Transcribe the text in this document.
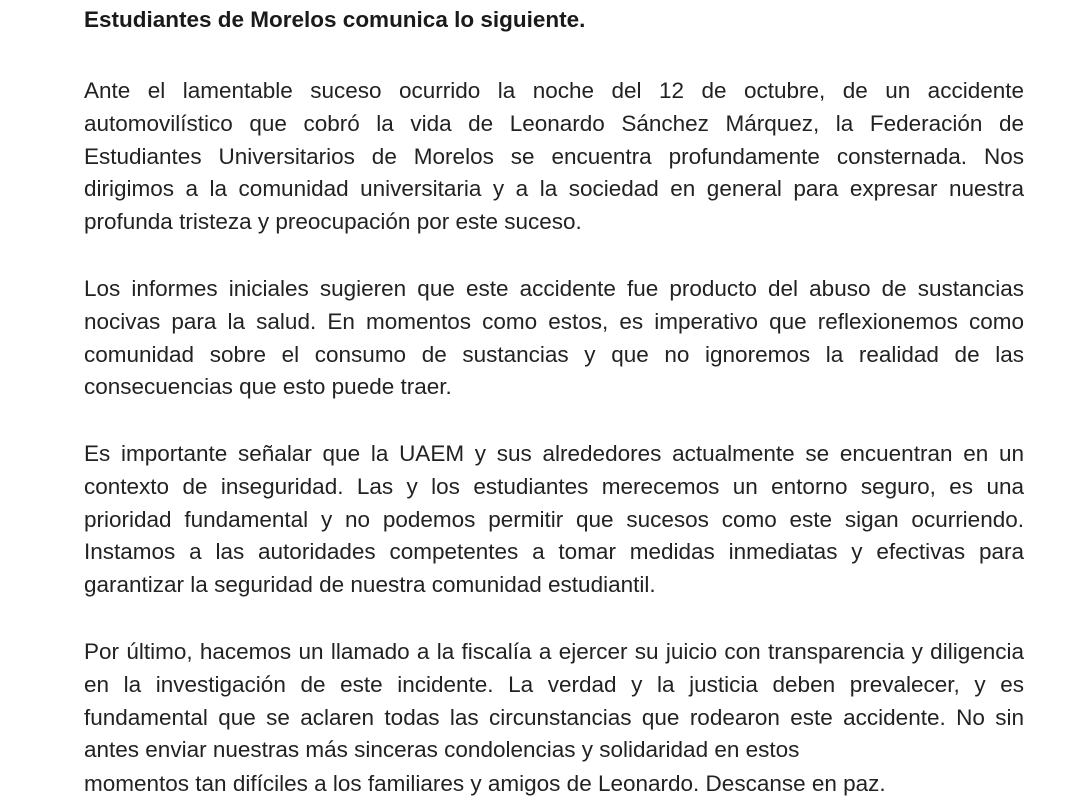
Estudiantes de Morelos comunica lo siguiente.

Ante el lamentable suceso ocurrido la noche del 12 de octubre, de un accidente automovilístico que cobró la vida de Leonardo Sánchez Márquez, la Federación de Estudiantes Universitarios de Morelos se encuentra profundamente consternada. Nos dirigimos a la comunidad universitaria y a la sociedad en general para expresar nuestra profunda tristeza y preocupación por este suceso.

Los informes iniciales sugieren que este accidente fue producto del abuso de sustancias nocivas para la salud. En momentos como estos, es imperativo que reflexionemos como comunidad sobre el consumo de sustancias y que no ignoremos la realidad de las consecuencias que esto puede traer.

Es importante señalar que la UAEM y sus alrededores actualmente se encuentran en un contexto de inseguridad. Las y los estudiantes merecemos un entorno seguro, es una prioridad fundamental y no podemos permitir que sucesos como este sigan ocurriendo. Instamos a las autoridades competentes a tomar medidas inmediatas y efectivas para garantizar la seguridad de nuestra comunidad estudiantil.

Por último, hacemos un llamado a la fiscalía a ejercer su juicio con transparencia y diligencia en la investigación de este incidente. La verdad y la justicia deben prevalecer, y es fundamental que se aclaren todas las circunstancias que rodearon este accidente. No sin antes enviar nuestras más sinceras condolencias y solidaridad en estos

momentos tan difíciles a los familiares y amigos de Leonardo. Descanse en paz.
